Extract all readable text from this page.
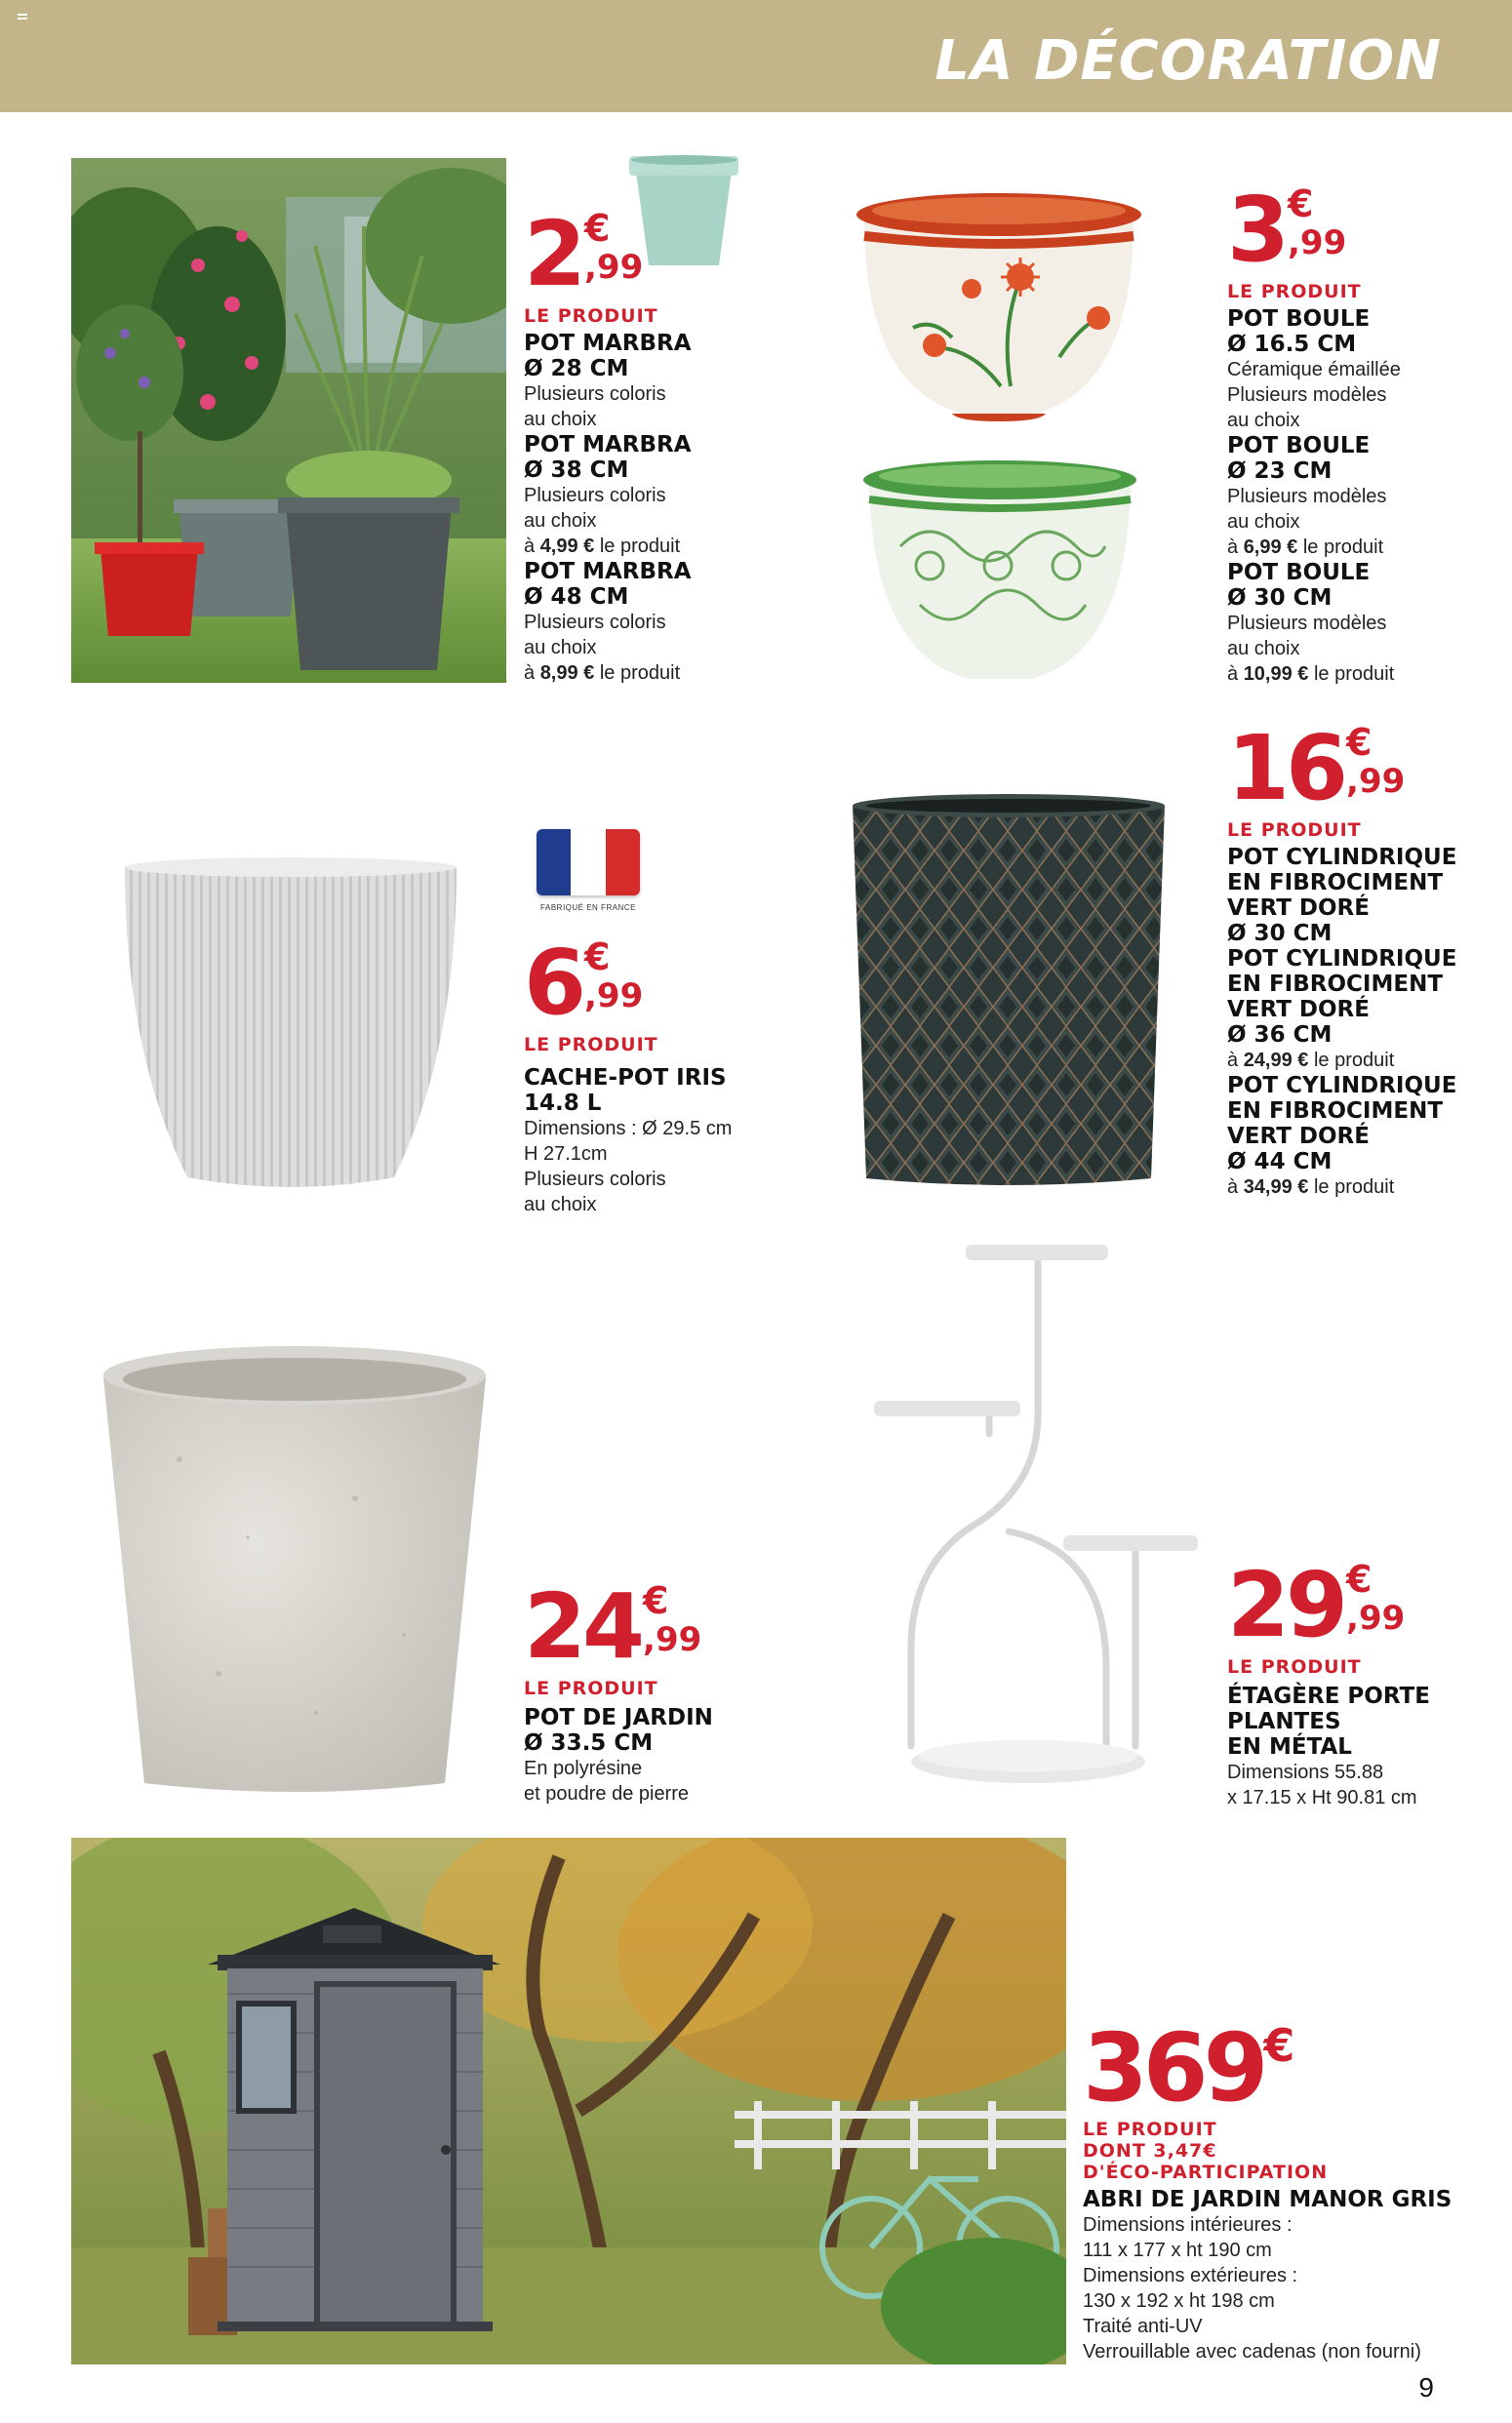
LA DÉCORATION
2 €
,99
LE PRODUIT
POT MARBRA
Ø 28 CM
Plusieurs coloris
au choix
POT MARBRA
Ø 38 CM
Plusieurs coloris
au choix
à 4,99 € le produit
POT MARBRA
Ø 48 CM
Plusieurs coloris
au choix
à 8,99 € le produit
3 €
,99
LE PRODUIT
POT BOULE
Ø 16.5 CM
Céramique émaillée
Plusieurs modèles
au choix
POT BOULE
Ø 23 CM
Plusieurs modèles
au choix
à 6,99 € le produit
POT BOULE
Ø 30 CM
Plusieurs modèles
au choix
à 10,99 € le produit
FABRIQUÉ EN FRANCE
6 €
,99
LE PRODUIT
CACHE-POT IRIS
14.8 L
Dimensions : Ø 29.5 cm
H 27.1cm
Plusieurs coloris
au choix
16 €
,99
LE PRODUIT
POT CYLINDRIQUE
EN FIBROCIMENT
VERT DORÉ
Ø 30 CM
POT CYLINDRIQUE
EN FIBROCIMENT
VERT DORÉ
Ø 36 CM
à 24,99 € le produit
POT CYLINDRIQUE
EN FIBROCIMENT
VERT DORÉ
Ø 44 CM
à 34,99 € le produit
24 €
,99
LE PRODUIT
POT DE JARDIN
Ø 33.5 CM
En polyrésine
et poudre de pierre
29 €
,99
LE PRODUIT
ÉTAGÈRE PORTE
PLANTES
EN MÉTAL
Dimensions 55.88
x 17.15 x Ht 90.81 cm
369 €
LE PRODUIT
DONT 3,47€
D'ÉCO-PARTICIPATION
ABRI DE JARDIN MANOR GRIS
Dimensions intérieures :
111 x 177 x ht 190 cm
Dimensions extérieures :
130 x 192 x ht 198 cm
Traité anti-UV
Verrouillable avec cadenas (non fourni)
9
